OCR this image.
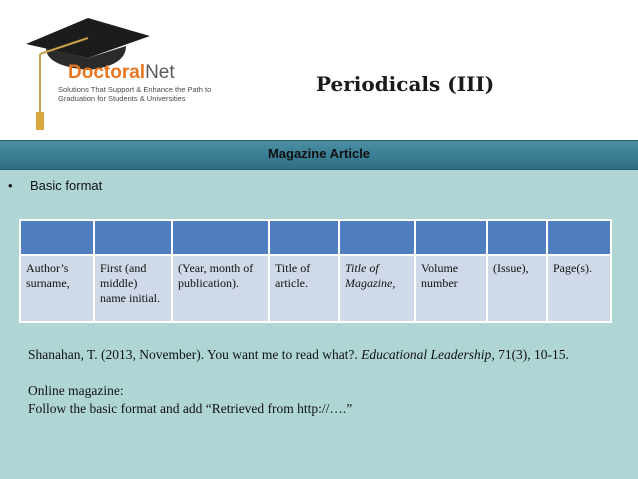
DoctoralNet
Solutions That Support & Enhance the Path to Graduation for Students & Universities
Periodicals (III)
Magazine Article
• Basic format

Author’s surname,	First (and middle) name initial.	(Year, month of publication).	Title of article.	Title of Magazine,	Volume number	(Issue),	Page(s).

Shanahan, T. (2013, November). You want me to read what?. Educational Leadership, 71(3), 10-15.

Online magazine:

Follow the basic format and add “Retrieved from http://….”
